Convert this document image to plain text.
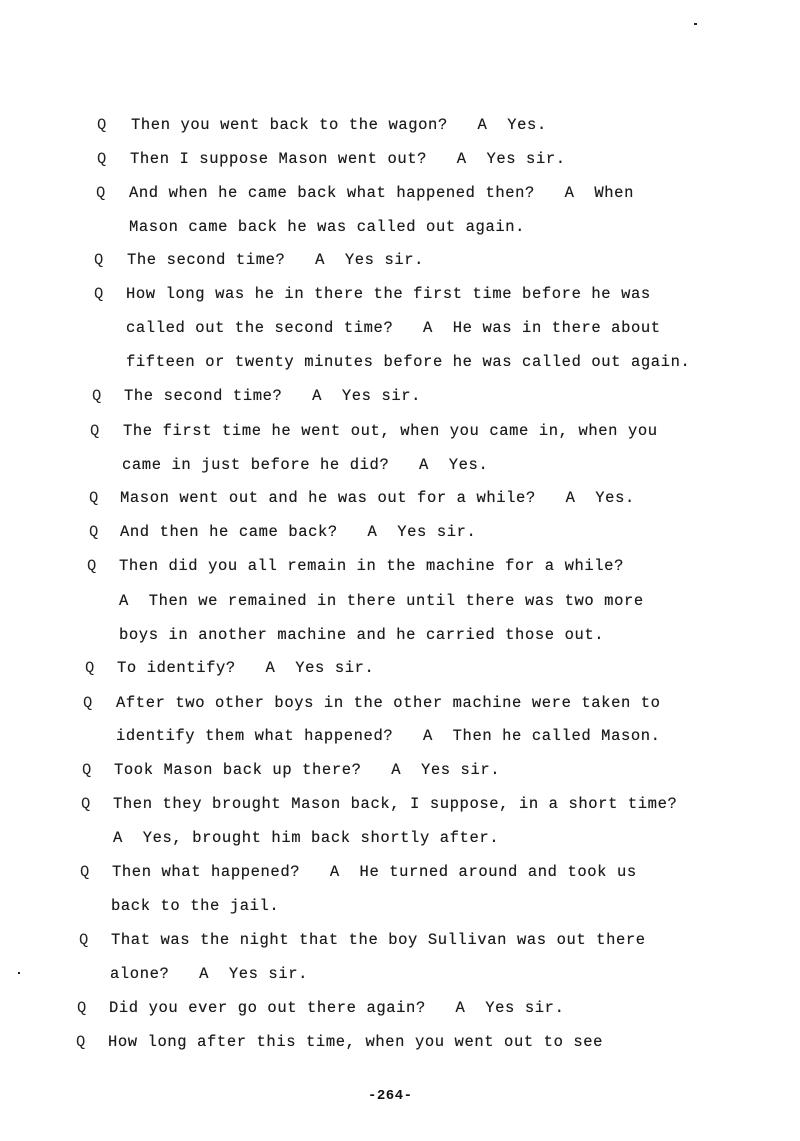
Q Then you went back to the wagon?   A  Yes.
Q Then I suppose Mason went out?   A  Yes sir.
Q And when he came back what happened then?   A  When
Mason came back he was called out again.
Q The second time?   A  Yes sir.
Q How long was he in there the first time before he was
called out the second time?   A  He was in there about
fifteen or twenty minutes before he was called out again.
Q The second time?   A  Yes sir.
Q The first time he went out, when you came in, when you
came in just before he did?   A  Yes.
Q Mason went out and he was out for a while?   A  Yes.
Q And then he came back?   A  Yes sir.
Q Then did you all remain in the machine for a while?
A  Then we remained in there until there was two more
boys in another machine and he carried those out.
Q To identify?   A  Yes sir.
Q After two other boys in the other machine were taken to
identify them what happened?   A  Then he called Mason.
Q Took Mason back up there?   A  Yes sir.
Q Then they brought Mason back, I suppose, in a short time?
A  Yes, brought him back shortly after.
Q Then what happened?   A  He turned around and took us
back to the jail.
Q That was the night that the boy Sullivan was out there
alone?   A  Yes sir.
Q Did you ever go out there again?   A  Yes sir.
Q How long after this time, when you went out to see
-264-
